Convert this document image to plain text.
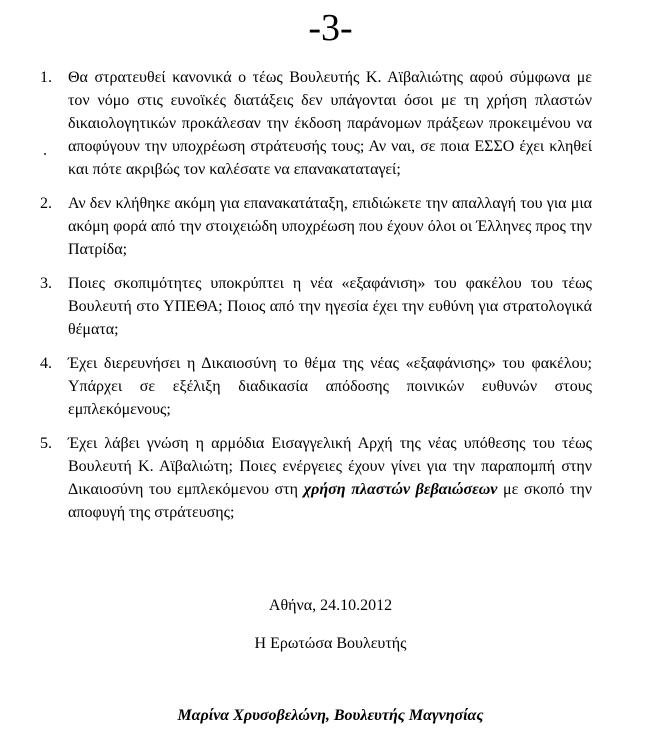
-3-
1. Θα στρατευθεί κανονικά ο τέως Βουλευτής Κ. Αϊβαλιώτης αφού σύμφωνα με τον νόμο στις ευνοϊκές διατάξεις δεν υπάγονται όσοι με τη χρήση πλαστών δικαιολογητικών προκάλεσαν την έκδοση παράνομων πράξεων προκειμένου να αποφύγουν την υποχρέωση στράτευσής τους; Αν ναι, σε ποια ΕΣΣΟ έχει κληθεί και πότε ακριβώς τον καλέσατε να επανακαταταγεί;
2. Αν δεν κλήθηκε ακόμη για επανακατάταξη, επιδιώκετε την απαλλαγή του για μια ακόμη φορά από την στοιχειώδη υποχρέωση που έχουν όλοι οι Έλληνες προς την Πατρίδα;
3. Ποιες σκοπιμότητες υποκρύπτει η νέα «εξαφάνιση» του φακέλου του τέως Βουλευτή στο ΥΠΕΘΑ; Ποιος από την ηγεσία έχει την ευθύνη για στρατολογικά θέματα;
4. Έχει διερευνήσει η Δικαιοσύνη το θέμα της νέας «εξαφάνισης» του φακέλου; Υπάρχει σε εξέλιξη διαδικασία απόδοσης ποινικών ευθυνών στους εμπλεκόμενους;
5. Έχει λάβει γνώση η αρμόδια Εισαγγελική Αρχή της νέας υπόθεσης του τέως Βουλευτή Κ. Αϊβαλιώτη; Ποιες ενέργειες έχουν γίνει για την παραπομπή στην Δικαιοσύνη του εμπλεκόμενου στη χρήση πλαστών βεβαιώσεων με σκοπό την αποφυγή της στράτευσης;
Αθήνα, 24.10.2012
Η Ερωτώσα Βουλευτής
Μαρίνα Χρυσοβελώνη, Βουλευτής Μαγνησίας
